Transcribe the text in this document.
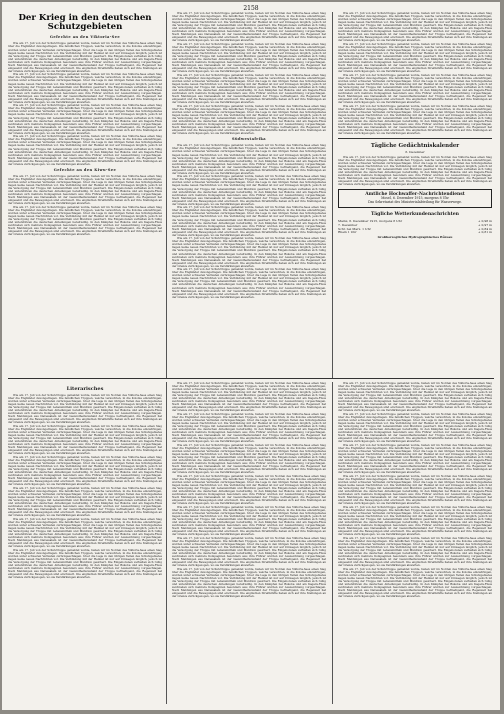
2158
Der Krieg in den deutschen Schutzgebieten
Gefechte an den Viktoria-See
Wie am 17. Juli von der Schutztruppe gemeldet wurde, haben wir im Norden des Viktoria-Sees einen Sieg über die Engländer davongetragen. Die feindlichen Truppen, welche versuchten, in die Kolonie einzudringen, wurden unter schweren Verlusten zurückgeschlagen. Über die Lage in den übrigen Teilen des Schutzgebietes liegen keine neuen Nachrichten vor. Die Verbindung mit der Heimat ist nur auf Umwegen möglich, jedoch ist die Versorgung der Truppe mit Lebensmitteln und Munition gesichert. Die Eingeborenen verhalten sich ruhig und unterstützen die deutschen Abteilungen bereitwillig. In den Kämpfen bei Bukoba und am Kagera-Fluss zeichneten sich mehrere Kompagnien besonders aus; ihre Führer wurden zur Auszeichnung vorgeschlagen. Nach Meldungen aus Daressalam ist der Gesundheitszustand der Truppe befriedigend, die Regenzeit hat eingesetzt und die Bewegungen sind erschwert. Die englischen Streitkräfte haben sich auf ihre Stellungen an der Grenze zurückgezogen, wo sie Verstärkungen abwarten.
Wie am 17. Juli von der Schutztruppe gemeldet wurde, haben wir im Norden des Viktoria-Sees einen Sieg über die Engländer davongetragen. Die feindlichen Truppen, welche versuchten, in die Kolonie einzudringen, wurden unter schweren Verlusten zurückgeschlagen. Über die Lage in den übrigen Teilen des Schutzgebietes liegen keine neuen Nachrichten vor. Die Verbindung mit der Heimat ist nur auf Umwegen möglich, jedoch ist die Versorgung der Truppe mit Lebensmitteln und Munition gesichert. Die Eingeborenen verhalten sich ruhig und unterstützen die deutschen Abteilungen bereitwillig. In den Kämpfen bei Bukoba und am Kagera-Fluss zeichneten sich mehrere Kompagnien besonders aus; ihre Führer wurden zur Auszeichnung vorgeschlagen. Nach Meldungen aus Daressalam ist der Gesundheitszustand der Truppe befriedigend, die Regenzeit hat eingesetzt und die Bewegungen sind erschwert. Die englischen Streitkräfte haben sich auf ihre Stellungen an der Grenze zurückgezogen, wo sie Verstärkungen abwarten.
Wie am 17. Juli von der Schutztruppe gemeldet wurde, haben wir im Norden des Viktoria-Sees einen Sieg über die Engländer davongetragen. Die feindlichen Truppen, welche versuchten, in die Kolonie einzudringen, wurden unter schweren Verlusten zurückgeschlagen. Über die Lage in den übrigen Teilen des Schutzgebietes liegen keine neuen Nachrichten vor. Die Verbindung mit der Heimat ist nur auf Umwegen möglich, jedoch ist die Versorgung der Truppe mit Lebensmitteln und Munition gesichert. Die Eingeborenen verhalten sich ruhig und unterstützen die deutschen Abteilungen bereitwillig. In den Kämpfen bei Bukoba und am Kagera-Fluss zeichneten sich mehrere Kompagnien besonders aus; ihre Führer wurden zur Auszeichnung vorgeschlagen. Nach Meldungen aus Daressalam ist der Gesundheitszustand der Truppe befriedigend, die Regenzeit hat eingesetzt und die Bewegungen sind erschwert. Die englischen Streitkräfte haben sich auf ihre Stellungen an der Grenze zurückgezogen, wo sie Verstärkungen abwarten.
Wie am 17. Juli von der Schutztruppe gemeldet wurde, haben wir im Norden des Viktoria-Sees einen Sieg über die Engländer davongetragen. Die feindlichen Truppen, welche versuchten, in die Kolonie einzudringen, wurden unter schweren Verlusten zurückgeschlagen. Über die Lage in den übrigen Teilen des Schutzgebietes liegen keine neuen Nachrichten vor. Die Verbindung mit der Heimat ist nur auf Umwegen möglich, jedoch ist die Versorgung der Truppe mit Lebensmitteln und Munition gesichert. Die Eingeborenen verhalten sich ruhig und unterstützen die deutschen Abteilungen bereitwillig. In den Kämpfen bei Bukoba und am Kagera-Fluss zeichneten sich mehrere Kompagnien besonders aus; ihre Führer wurden zur Auszeichnung vorgeschlagen. Nach Meldungen aus Daressalam ist der Gesundheitszustand der Truppe befriedigend, die Regenzeit hat eingesetzt und die Bewegungen sind erschwert. Die englischen Streitkräfte haben sich auf ihre Stellungen an der Grenze zurückgezogen, wo sie Verstärkungen abwarten.
Gefechte an den Kiwu-See
Wie am 17. Juli von der Schutztruppe gemeldet wurde, haben wir im Norden des Viktoria-Sees einen Sieg über die Engländer davongetragen. Die feindlichen Truppen, welche versuchten, in die Kolonie einzudringen, wurden unter schweren Verlusten zurückgeschlagen. Über die Lage in den übrigen Teilen des Schutzgebietes liegen keine neuen Nachrichten vor. Die Verbindung mit der Heimat ist nur auf Umwegen möglich, jedoch ist die Versorgung der Truppe mit Lebensmitteln und Munition gesichert. Die Eingeborenen verhalten sich ruhig und unterstützen die deutschen Abteilungen bereitwillig. In den Kämpfen bei Bukoba und am Kagera-Fluss zeichneten sich mehrere Kompagnien besonders aus; ihre Führer wurden zur Auszeichnung vorgeschlagen. Nach Meldungen aus Daressalam ist der Gesundheitszustand der Truppe befriedigend, die Regenzeit hat eingesetzt und die Bewegungen sind erschwert. Die englischen Streitkräfte haben sich auf ihre Stellungen an der Grenze zurückgezogen, wo sie Verstärkungen abwarten.
Wie am 17. Juli von der Schutztruppe gemeldet wurde, haben wir im Norden des Viktoria-Sees einen Sieg über die Engländer davongetragen. Die feindlichen Truppen, welche versuchten, in die Kolonie einzudringen, wurden unter schweren Verlusten zurückgeschlagen. Über die Lage in den übrigen Teilen des Schutzgebietes liegen keine neuen Nachrichten vor. Die Verbindung mit der Heimat ist nur auf Umwegen möglich, jedoch ist die Versorgung der Truppe mit Lebensmitteln und Munition gesichert. Die Eingeborenen verhalten sich ruhig und unterstützen die deutschen Abteilungen bereitwillig. In den Kämpfen bei Bukoba und am Kagera-Fluss zeichneten sich mehrere Kompagnien besonders aus; ihre Führer wurden zur Auszeichnung vorgeschlagen. Nach Meldungen aus Daressalam ist der Gesundheitszustand der Truppe befriedigend, die Regenzeit hat eingesetzt und die Bewegungen sind erschwert. Die englischen Streitkräfte haben sich auf ihre Stellungen an der Grenze zurückgezogen, wo sie Verstärkungen abwarten.
Wie am 17. Juli von der Schutztruppe gemeldet wurde, haben wir im Norden des Viktoria-Sees einen Sieg über die Engländer davongetragen. Die feindlichen Truppen, welche versuchten, in die Kolonie einzudringen, wurden unter schweren Verlusten zurückgeschlagen. Über die Lage in den übrigen Teilen des Schutzgebietes liegen keine neuen Nachrichten vor. Die Verbindung mit der Heimat ist nur auf Umwegen möglich, jedoch ist die Versorgung der Truppe mit Lebensmitteln und Munition gesichert. Die Eingeborenen verhalten sich ruhig und unterstützen die deutschen Abteilungen bereitwillig. In den Kämpfen bei Bukoba und am Kagera-Fluss zeichneten sich mehrere Kompagnien besonders aus; ihre Führer wurden zur Auszeichnung vorgeschlagen. Nach Meldungen aus Daressalam ist der Gesundheitszustand der Truppe befriedigend, die Regenzeit hat eingesetzt und die Bewegungen sind erschwert. Die englischen Streitkräfte haben sich auf ihre Stellungen an der Grenze zurückgezogen, wo sie Verstärkungen abwarten.
Wie am 17. Juli von der Schutztruppe gemeldet wurde, haben wir im Norden des Viktoria-Sees einen Sieg über die Engländer davongetragen. Die feindlichen Truppen, welche versuchten, in die Kolonie einzudringen, wurden unter schweren Verlusten zurückgeschlagen. Über die Lage in den übrigen Teilen des Schutzgebietes liegen keine neuen Nachrichten vor. Die Verbindung mit der Heimat ist nur auf Umwegen möglich, jedoch ist die Versorgung der Truppe mit Lebensmitteln und Munition gesichert. Die Eingeborenen verhalten sich ruhig und unterstützen die deutschen Abteilungen bereitwillig. In den Kämpfen bei Bukoba und am Kagera-Fluss zeichneten sich mehrere Kompagnien besonders aus; ihre Führer wurden zur Auszeichnung vorgeschlagen. Nach Meldungen aus Daressalam ist der Gesundheitszustand der Truppe befriedigend, die Regenzeit hat eingesetzt und die Bewegungen sind erschwert. Die englischen Streitkräfte haben sich auf ihre Stellungen an der Grenze zurückgezogen, wo sie Verstärkungen abwarten.
Wie am 17. Juli von der Schutztruppe gemeldet wurde, haben wir im Norden des Viktoria-Sees einen Sieg über die Engländer davongetragen. Die feindlichen Truppen, welche versuchten, in die Kolonie einzudringen, wurden unter schweren Verlusten zurückgeschlagen. Über die Lage in den übrigen Teilen des Schutzgebietes liegen keine neuen Nachrichten vor. Die Verbindung mit der Heimat ist nur auf Umwegen möglich, jedoch ist die Versorgung der Truppe mit Lebensmitteln und Munition gesichert. Die Eingeborenen verhalten sich ruhig und unterstützen die deutschen Abteilungen bereitwillig. In den Kämpfen bei Bukoba und am Kagera-Fluss zeichneten sich mehrere Kompagnien besonders aus; ihre Führer wurden zur Auszeichnung vorgeschlagen. Nach Meldungen aus Daressalam ist der Gesundheitszustand der Truppe befriedigend, die Regenzeit hat eingesetzt und die Bewegungen sind erschwert. Die englischen Streitkräfte haben sich auf ihre Stellungen an der Grenze zurückgezogen, wo sie Verstärkungen abwarten.
Wie am 17. Juli von der Schutztruppe gemeldet wurde, haben wir im Norden des Viktoria-Sees einen Sieg über die Engländer davongetragen. Die feindlichen Truppen, welche versuchten, in die Kolonie einzudringen, wurden unter schweren Verlusten zurückgeschlagen. Über die Lage in den übrigen Teilen des Schutzgebietes liegen keine neuen Nachrichten vor. Die Verbindung mit der Heimat ist nur auf Umwegen möglich, jedoch ist die Versorgung der Truppe mit Lebensmitteln und Munition gesichert. Die Eingeborenen verhalten sich ruhig und unterstützen die deutschen Abteilungen bereitwillig. In den Kämpfen bei Bukoba und am Kagera-Fluss zeichneten sich mehrere Kompagnien besonders aus; ihre Führer wurden zur Auszeichnung vorgeschlagen. Nach Meldungen aus Daressalam ist der Gesundheitszustand der Truppe befriedigend, die Regenzeit hat eingesetzt und die Bewegungen sind erschwert. Die englischen Streitkräfte haben sich auf ihre Stellungen an der Grenze zurückgezogen, wo sie Verstärkungen abwarten.
Südwestafrika
Wie am 17. Juli von der Schutztruppe gemeldet wurde, haben wir im Norden des Viktoria-Sees einen Sieg über die Engländer davongetragen. Die feindlichen Truppen, welche versuchten, in die Kolonie einzudringen, wurden unter schweren Verlusten zurückgeschlagen. Über die Lage in den übrigen Teilen des Schutzgebietes liegen keine neuen Nachrichten vor. Die Verbindung mit der Heimat ist nur auf Umwegen möglich, jedoch ist die Versorgung der Truppe mit Lebensmitteln und Munition gesichert. Die Eingeborenen verhalten sich ruhig und unterstützen die deutschen Abteilungen bereitwillig. In den Kämpfen bei Bukoba und am Kagera-Fluss zeichneten sich mehrere Kompagnien besonders aus; ihre Führer wurden zur Auszeichnung vorgeschlagen. Nach Meldungen aus Daressalam ist der Gesundheitszustand der Truppe befriedigend, die Regenzeit hat eingesetzt und die Bewegungen sind erschwert. Die englischen Streitkräfte haben sich auf ihre Stellungen an der Grenze zurückgezogen, wo sie Verstärkungen abwarten.
Wie am 17. Juli von der Schutztruppe gemeldet wurde, haben wir im Norden des Viktoria-Sees einen Sieg über die Engländer davongetragen. Die feindlichen Truppen, welche versuchten, in die Kolonie einzudringen, wurden unter schweren Verlusten zurückgeschlagen. Über die Lage in den übrigen Teilen des Schutzgebietes liegen keine neuen Nachrichten vor. Die Verbindung mit der Heimat ist nur auf Umwegen möglich, jedoch ist die Versorgung der Truppe mit Lebensmitteln und Munition gesichert. Die Eingeborenen verhalten sich ruhig und unterstützen die deutschen Abteilungen bereitwillig. In den Kämpfen bei Bukoba und am Kagera-Fluss zeichneten sich mehrere Kompagnien besonders aus; ihre Führer wurden zur Auszeichnung vorgeschlagen. Nach Meldungen aus Daressalam ist der Gesundheitszustand der Truppe befriedigend, die Regenzeit hat eingesetzt und die Bewegungen sind erschwert. Die englischen Streitkräfte haben sich auf ihre Stellungen an der Grenze zurückgezogen, wo sie Verstärkungen abwarten.
Wie am 17. Juli von der Schutztruppe gemeldet wurde, haben wir im Norden des Viktoria-Sees einen Sieg über die Engländer davongetragen. Die feindlichen Truppen, welche versuchten, in die Kolonie einzudringen, wurden unter schweren Verlusten zurückgeschlagen. Über die Lage in den übrigen Teilen des Schutzgebietes liegen keine neuen Nachrichten vor. Die Verbindung mit der Heimat ist nur auf Umwegen möglich, jedoch ist die Versorgung der Truppe mit Lebensmitteln und Munition gesichert. Die Eingeborenen verhalten sich ruhig und unterstützen die deutschen Abteilungen bereitwillig. In den Kämpfen bei Bukoba und am Kagera-Fluss zeichneten sich mehrere Kompagnien besonders aus; ihre Führer wurden zur Auszeichnung vorgeschlagen. Nach Meldungen aus Daressalam ist der Gesundheitszustand der Truppe befriedigend, die Regenzeit hat eingesetzt und die Bewegungen sind erschwert. Die englischen Streitkräfte haben sich auf ihre Stellungen an der Grenze zurückgezogen, wo sie Verstärkungen abwarten.
Wie am 17. Juli von der Schutztruppe gemeldet wurde, haben wir im Norden des Viktoria-Sees einen Sieg über die Engländer davongetragen. Die feindlichen Truppen, welche versuchten, in die Kolonie einzudringen, wurden unter schweren Verlusten zurückgeschlagen. Über die Lage in den übrigen Teilen des Schutzgebietes liegen keine neuen Nachrichten vor. Die Verbindung mit der Heimat ist nur auf Umwegen möglich, jedoch ist die Versorgung der Truppe mit Lebensmitteln und Munition gesichert. Die Eingeborenen verhalten sich ruhig und unterstützen die deutschen Abteilungen bereitwillig. In den Kämpfen bei Bukoba und am Kagera-Fluss zeichneten sich mehrere Kompagnien besonders aus; ihre Führer wurden zur Auszeichnung vorgeschlagen. Nach Meldungen aus Daressalam ist der Gesundheitszustand der Truppe befriedigend, die Regenzeit hat eingesetzt und die Bewegungen sind erschwert. Die englischen Streitkräfte haben sich auf ihre Stellungen an der Grenze zurückgezogen, wo sie Verstärkungen abwarten.
Wie am 17. Juli von der Schutztruppe gemeldet wurde, haben wir im Norden des Viktoria-Sees einen Sieg über die Engländer davongetragen. Die feindlichen Truppen, welche versuchten, in die Kolonie einzudringen, wurden unter schweren Verlusten zurückgeschlagen. Über die Lage in den übrigen Teilen des Schutzgebietes liegen keine neuen Nachrichten vor. Die Verbindung mit der Heimat ist nur auf Umwegen möglich, jedoch ist die Versorgung der Truppe mit Lebensmitteln und Munition gesichert. Die Eingeborenen verhalten sich ruhig und unterstützen die deutschen Abteilungen bereitwillig. In den Kämpfen bei Bukoba und am Kagera-Fluss zeichneten sich mehrere Kompagnien besonders aus; ihre Führer wurden zur Auszeichnung vorgeschlagen. Nach Meldungen aus Daressalam ist der Gesundheitszustand der Truppe befriedigend, die Regenzeit hat eingesetzt und die Bewegungen sind erschwert. Die englischen Streitkräfte haben sich auf ihre Stellungen an der Grenze zurückgezogen, wo sie Verstärkungen abwarten.
Wie am 17. Juli von der Schutztruppe gemeldet wurde, haben wir im Norden des Viktoria-Sees einen Sieg über die Engländer davongetragen. Die feindlichen Truppen, welche versuchten, in die Kolonie einzudringen, wurden unter schweren Verlusten zurückgeschlagen. Über die Lage in den übrigen Teilen des Schutzgebietes liegen keine neuen Nachrichten vor. Die Verbindung mit der Heimat ist nur auf Umwegen möglich, jedoch ist die Versorgung der Truppe mit Lebensmitteln und Munition gesichert. Die Eingeborenen verhalten sich ruhig und unterstützen die deutschen Abteilungen bereitwillig. In den Kämpfen bei Bukoba und am Kagera-Fluss zeichneten sich mehrere Kompagnien besonders aus; ihre Führer wurden zur Auszeichnung vorgeschlagen. Nach Meldungen aus Daressalam ist der Gesundheitszustand der Truppe befriedigend, die Regenzeit hat eingesetzt und die Bewegungen sind erschwert. Die englischen Streitkräfte haben sich auf ihre Stellungen an der Grenze zurückgezogen, wo sie Verstärkungen abwarten.
Wie am 17. Juli von der Schutztruppe gemeldet wurde, haben wir im Norden des Viktoria-Sees einen Sieg über die Engländer davongetragen. Die feindlichen Truppen, welche versuchten, in die Kolonie einzudringen, wurden unter schweren Verlusten zurückgeschlagen. Über die Lage in den übrigen Teilen des Schutzgebietes liegen keine neuen Nachrichten vor. Die Verbindung mit der Heimat ist nur auf Umwegen möglich, jedoch ist die Versorgung der Truppe mit Lebensmitteln und Munition gesichert. Die Eingeborenen verhalten sich ruhig und unterstützen die deutschen Abteilungen bereitwillig. In den Kämpfen bei Bukoba und am Kagera-Fluss zeichneten sich mehrere Kompagnien besonders aus; ihre Führer wurden zur Auszeichnung vorgeschlagen. Nach Meldungen aus Daressalam ist der Gesundheitszustand der Truppe befriedigend, die Regenzeit hat eingesetzt und die Bewegungen sind erschwert. Die englischen Streitkräfte haben sich auf ihre Stellungen an der Grenze zurückgezogen, wo sie Verstärkungen abwarten.
Wie am 17. Juli von der Schutztruppe gemeldet wurde, haben wir im Norden des Viktoria-Sees einen Sieg über die Engländer davongetragen. Die feindlichen Truppen, welche versuchten, in die Kolonie einzudringen, wurden unter schweren Verlusten zurückgeschlagen. Über die Lage in den übrigen Teilen des Schutzgebietes liegen keine neuen Nachrichten vor. Die Verbindung mit der Heimat ist nur auf Umwegen möglich, jedoch ist die Versorgung der Truppe mit Lebensmitteln und Munition gesichert. Die Eingeborenen verhalten sich ruhig und unterstützen die deutschen Abteilungen bereitwillig. In den Kämpfen bei Bukoba und am Kagera-Fluss zeichneten sich mehrere Kompagnien besonders aus; ihre Führer wurden zur Auszeichnung vorgeschlagen. Nach Meldungen aus Daressalam ist der Gesundheitszustand der Truppe befriedigend, die Regenzeit hat eingesetzt und die Bewegungen sind erschwert. Die englischen Streitkräfte haben sich auf ihre Stellungen an der Grenze zurückgezogen, wo sie Verstärkungen abwarten.
Wie am 17. Juli von der Schutztruppe gemeldet wurde, haben wir im Norden des Viktoria-Sees einen Sieg über die Engländer davongetragen. Die feindlichen Truppen, welche versuchten, in die Kolonie einzudringen, wurden unter schweren Verlusten zurückgeschlagen. Über die Lage in den übrigen Teilen des Schutzgebietes liegen keine neuen Nachrichten vor. Die Verbindung mit der Heimat ist nur auf Umwegen möglich, jedoch ist die Versorgung der Truppe mit Lebensmitteln und Munition gesichert. Die Eingeborenen verhalten sich ruhig und unterstützen die deutschen Abteilungen bereitwillig. In den Kämpfen bei Bukoba und am Kagera-Fluss zeichneten sich mehrere Kompagnien besonders aus; ihre Führer wurden zur Auszeichnung vorgeschlagen. Nach Meldungen aus Daressalam ist der Gesundheitszustand der Truppe befriedigend, die Regenzeit hat eingesetzt und die Bewegungen sind erschwert. Die englischen Streitkräfte haben sich auf ihre Stellungen an der Grenze zurückgezogen, wo sie Verstärkungen abwarten.
Tägliche Gedächtniskalender
6. Dezember
Wie am 17. Juli von der Schutztruppe gemeldet wurde, haben wir im Norden des Viktoria-Sees einen Sieg über die Engländer davongetragen. Die feindlichen Truppen, welche versuchten, in die Kolonie einzudringen, wurden unter schweren Verlusten zurückgeschlagen. Über die Lage in den übrigen Teilen des Schutzgebietes liegen keine neuen Nachrichten vor. Die Verbindung mit der Heimat ist nur auf Umwegen möglich, jedoch ist die Versorgung der Truppe mit Lebensmitteln und Munition gesichert. Die Eingeborenen verhalten sich ruhig und unterstützen die deutschen Abteilungen bereitwillig. In den Kämpfen bei Bukoba und am Kagera-Fluss zeichneten sich mehrere Kompagnien besonders aus; ihre Führer wurden zur Auszeichnung vorgeschlagen. Nach Meldungen aus Daressalam ist der Gesundheitszustand der Truppe befriedigend, die Regenzeit hat eingesetzt und die Bewegungen sind erschwert. Die englischen Streitkräfte haben sich auf ihre Stellungen an der Grenze zurückgezogen, wo sie Verstärkungen abwarten.
Amtliche Hochwaffer-Nachrichtendienst
Mosel, 6. Dezember 1915, morgens 8 Uhr
Das Sekretariat des Ministerialabteilung für Wasserwege.
Tägliche Wetterkundenachrichten
Mainz, 6. Dezember 1915, morgens 8 Uhr	+ 0,98 m
7. Dezember	+ 0,97 m
Schr. bei Marx. 1 Uhr	+ 0,84 m
Rhein 1 Uhr	+ 0,81 m
Großherzogliches Hydrographisches Büreau
Literarisches
Wie am 17. Juli von der Schutztruppe gemeldet wurde, haben wir im Norden des Viktoria-Sees einen Sieg über die Engländer davongetragen. Die feindlichen Truppen, welche versuchten, in die Kolonie einzudringen, wurden unter schweren Verlusten zurückgeschlagen. Über die Lage in den übrigen Teilen des Schutzgebietes liegen keine neuen Nachrichten vor. Die Verbindung mit der Heimat ist nur auf Umwegen möglich, jedoch ist die Versorgung der Truppe mit Lebensmitteln und Munition gesichert. Die Eingeborenen verhalten sich ruhig und unterstützen die deutschen Abteilungen bereitwillig. In den Kämpfen bei Bukoba und am Kagera-Fluss zeichneten sich mehrere Kompagnien besonders aus; ihre Führer wurden zur Auszeichnung vorgeschlagen. Nach Meldungen aus Daressalam ist der Gesundheitszustand der Truppe befriedigend, die Regenzeit hat eingesetzt und die Bewegungen sind erschwert. Die englischen Streitkräfte haben sich auf ihre Stellungen an der Grenze zurückgezogen, wo sie Verstärkungen abwarten.
Wie am 17. Juli von der Schutztruppe gemeldet wurde, haben wir im Norden des Viktoria-Sees einen Sieg über die Engländer davongetragen. Die feindlichen Truppen, welche versuchten, in die Kolonie einzudringen, wurden unter schweren Verlusten zurückgeschlagen. Über die Lage in den übrigen Teilen des Schutzgebietes liegen keine neuen Nachrichten vor. Die Verbindung mit der Heimat ist nur auf Umwegen möglich, jedoch ist die Versorgung der Truppe mit Lebensmitteln und Munition gesichert. Die Eingeborenen verhalten sich ruhig und unterstützen die deutschen Abteilungen bereitwillig. In den Kämpfen bei Bukoba und am Kagera-Fluss zeichneten sich mehrere Kompagnien besonders aus; ihre Führer wurden zur Auszeichnung vorgeschlagen. Nach Meldungen aus Daressalam ist der Gesundheitszustand der Truppe befriedigend, die Regenzeit hat eingesetzt und die Bewegungen sind erschwert. Die englischen Streitkräfte haben sich auf ihre Stellungen an der Grenze zurückgezogen, wo sie Verstärkungen abwarten.
Wie am 17. Juli von der Schutztruppe gemeldet wurde, haben wir im Norden des Viktoria-Sees einen Sieg über die Engländer davongetragen. Die feindlichen Truppen, welche versuchten, in die Kolonie einzudringen, wurden unter schweren Verlusten zurückgeschlagen. Über die Lage in den übrigen Teilen des Schutzgebietes liegen keine neuen Nachrichten vor. Die Verbindung mit der Heimat ist nur auf Umwegen möglich, jedoch ist die Versorgung der Truppe mit Lebensmitteln und Munition gesichert. Die Eingeborenen verhalten sich ruhig und unterstützen die deutschen Abteilungen bereitwillig. In den Kämpfen bei Bukoba und am Kagera-Fluss zeichneten sich mehrere Kompagnien besonders aus; ihre Führer wurden zur Auszeichnung vorgeschlagen. Nach Meldungen aus Daressalam ist der Gesundheitszustand der Truppe befriedigend, die Regenzeit hat eingesetzt und die Bewegungen sind erschwert. Die englischen Streitkräfte haben sich auf ihre Stellungen an der Grenze zurückgezogen, wo sie Verstärkungen abwarten.
Wie am 17. Juli von der Schutztruppe gemeldet wurde, haben wir im Norden des Viktoria-Sees einen Sieg über die Engländer davongetragen. Die feindlichen Truppen, welche versuchten, in die Kolonie einzudringen, wurden unter schweren Verlusten zurückgeschlagen. Über die Lage in den übrigen Teilen des Schutzgebietes liegen keine neuen Nachrichten vor. Die Verbindung mit der Heimat ist nur auf Umwegen möglich, jedoch ist die Versorgung der Truppe mit Lebensmitteln und Munition gesichert. Die Eingeborenen verhalten sich ruhig und unterstützen die deutschen Abteilungen bereitwillig. In den Kämpfen bei Bukoba und am Kagera-Fluss zeichneten sich mehrere Kompagnien besonders aus; ihre Führer wurden zur Auszeichnung vorgeschlagen. Nach Meldungen aus Daressalam ist der Gesundheitszustand der Truppe befriedigend, die Regenzeit hat eingesetzt und die Bewegungen sind erschwert. Die englischen Streitkräfte haben sich auf ihre Stellungen an der Grenze zurückgezogen, wo sie Verstärkungen abwarten.
Wie am 17. Juli von der Schutztruppe gemeldet wurde, haben wir im Norden des Viktoria-Sees einen Sieg über die Engländer davongetragen. Die feindlichen Truppen, welche versuchten, in die Kolonie einzudringen, wurden unter schweren Verlusten zurückgeschlagen. Über die Lage in den übrigen Teilen des Schutzgebietes liegen keine neuen Nachrichten vor. Die Verbindung mit der Heimat ist nur auf Umwegen möglich, jedoch ist die Versorgung der Truppe mit Lebensmitteln und Munition gesichert. Die Eingeborenen verhalten sich ruhig und unterstützen die deutschen Abteilungen bereitwillig. In den Kämpfen bei Bukoba und am Kagera-Fluss zeichneten sich mehrere Kompagnien besonders aus; ihre Führer wurden zur Auszeichnung vorgeschlagen. Nach Meldungen aus Daressalam ist der Gesundheitszustand der Truppe befriedigend, die Regenzeit hat eingesetzt und die Bewegungen sind erschwert. Die englischen Streitkräfte haben sich auf ihre Stellungen an der Grenze zurückgezogen, wo sie Verstärkungen abwarten.
Wie am 17. Juli von der Schutztruppe gemeldet wurde, haben wir im Norden des Viktoria-Sees einen Sieg über die Engländer davongetragen. Die feindlichen Truppen, welche versuchten, in die Kolonie einzudringen, wurden unter schweren Verlusten zurückgeschlagen. Über die Lage in den übrigen Teilen des Schutzgebietes liegen keine neuen Nachrichten vor. Die Verbindung mit der Heimat ist nur auf Umwegen möglich, jedoch ist die Versorgung der Truppe mit Lebensmitteln und Munition gesichert. Die Eingeborenen verhalten sich ruhig und unterstützen die deutschen Abteilungen bereitwillig. In den Kämpfen bei Bukoba und am Kagera-Fluss zeichneten sich mehrere Kompagnien besonders aus; ihre Führer wurden zur Auszeichnung vorgeschlagen. Nach Meldungen aus Daressalam ist der Gesundheitszustand der Truppe befriedigend, die Regenzeit hat eingesetzt und die Bewegungen sind erschwert. Die englischen Streitkräfte haben sich auf ihre Stellungen an der Grenze zurückgezogen, wo sie Verstärkungen abwarten.
Wie am 17. Juli von der Schutztruppe gemeldet wurde, haben wir im Norden des Viktoria-Sees einen Sieg über die Engländer davongetragen. Die feindlichen Truppen, welche versuchten, in die Kolonie einzudringen, wurden unter schweren Verlusten zurückgeschlagen. Über die Lage in den übrigen Teilen des Schutzgebietes liegen keine neuen Nachrichten vor. Die Verbindung mit der Heimat ist nur auf Umwegen möglich, jedoch ist die Versorgung der Truppe mit Lebensmitteln und Munition gesichert. Die Eingeborenen verhalten sich ruhig und unterstützen die deutschen Abteilungen bereitwillig. In den Kämpfen bei Bukoba und am Kagera-Fluss zeichneten sich mehrere Kompagnien besonders aus; ihre Führer wurden zur Auszeichnung vorgeschlagen. Nach Meldungen aus Daressalam ist der Gesundheitszustand der Truppe befriedigend, die Regenzeit hat eingesetzt und die Bewegungen sind erschwert. Die englischen Streitkräfte haben sich auf ihre Stellungen an der Grenze zurückgezogen, wo sie Verstärkungen abwarten.
Wie am 17. Juli von der Schutztruppe gemeldet wurde, haben wir im Norden des Viktoria-Sees einen Sieg über die Engländer davongetragen. Die feindlichen Truppen, welche versuchten, in die Kolonie einzudringen, wurden unter schweren Verlusten zurückgeschlagen. Über die Lage in den übrigen Teilen des Schutzgebietes liegen keine neuen Nachrichten vor. Die Verbindung mit der Heimat ist nur auf Umwegen möglich, jedoch ist die Versorgung der Truppe mit Lebensmitteln und Munition gesichert. Die Eingeborenen verhalten sich ruhig und unterstützen die deutschen Abteilungen bereitwillig. In den Kämpfen bei Bukoba und am Kagera-Fluss zeichneten sich mehrere Kompagnien besonders aus; ihre Führer wurden zur Auszeichnung vorgeschlagen. Nach Meldungen aus Daressalam ist der Gesundheitszustand der Truppe befriedigend, die Regenzeit hat eingesetzt und die Bewegungen sind erschwert. Die englischen Streitkräfte haben sich auf ihre Stellungen an der Grenze zurückgezogen, wo sie Verstärkungen abwarten.
Wie am 17. Juli von der Schutztruppe gemeldet wurde, haben wir im Norden des Viktoria-Sees einen Sieg über die Engländer davongetragen. Die feindlichen Truppen, welche versuchten, in die Kolonie einzudringen, wurden unter schweren Verlusten zurückgeschlagen. Über die Lage in den übrigen Teilen des Schutzgebietes liegen keine neuen Nachrichten vor. Die Verbindung mit der Heimat ist nur auf Umwegen möglich, jedoch ist die Versorgung der Truppe mit Lebensmitteln und Munition gesichert. Die Eingeborenen verhalten sich ruhig und unterstützen die deutschen Abteilungen bereitwillig. In den Kämpfen bei Bukoba und am Kagera-Fluss zeichneten sich mehrere Kompagnien besonders aus; ihre Führer wurden zur Auszeichnung vorgeschlagen. Nach Meldungen aus Daressalam ist der Gesundheitszustand der Truppe befriedigend, die Regenzeit hat eingesetzt und die Bewegungen sind erschwert. Die englischen Streitkräfte haben sich auf ihre Stellungen an der Grenze zurückgezogen, wo sie Verstärkungen abwarten.
Wie am 17. Juli von der Schutztruppe gemeldet wurde, haben wir im Norden des Viktoria-Sees einen Sieg über die Engländer davongetragen. Die feindlichen Truppen, welche versuchten, in die Kolonie einzudringen, wurden unter schweren Verlusten zurückgeschlagen. Über die Lage in den übrigen Teilen des Schutzgebietes liegen keine neuen Nachrichten vor. Die Verbindung mit der Heimat ist nur auf Umwegen möglich, jedoch ist die Versorgung der Truppe mit Lebensmitteln und Munition gesichert. Die Eingeborenen verhalten sich ruhig und unterstützen die deutschen Abteilungen bereitwillig. In den Kämpfen bei Bukoba und am Kagera-Fluss zeichneten sich mehrere Kompagnien besonders aus; ihre Führer wurden zur Auszeichnung vorgeschlagen. Nach Meldungen aus Daressalam ist der Gesundheitszustand der Truppe befriedigend, die Regenzeit hat eingesetzt und die Bewegungen sind erschwert. Die englischen Streitkräfte haben sich auf ihre Stellungen an der Grenze zurückgezogen, wo sie Verstärkungen abwarten.
Wie am 17. Juli von der Schutztruppe gemeldet wurde, haben wir im Norden des Viktoria-Sees einen Sieg über die Engländer davongetragen. Die feindlichen Truppen, welche versuchten, in die Kolonie einzudringen, wurden unter schweren Verlusten zurückgeschlagen. Über die Lage in den übrigen Teilen des Schutzgebietes liegen keine neuen Nachrichten vor. Die Verbindung mit der Heimat ist nur auf Umwegen möglich, jedoch ist die Versorgung der Truppe mit Lebensmitteln und Munition gesichert. Die Eingeborenen verhalten sich ruhig und unterstützen die deutschen Abteilungen bereitwillig. In den Kämpfen bei Bukoba und am Kagera-Fluss zeichneten sich mehrere Kompagnien besonders aus; ihre Führer wurden zur Auszeichnung vorgeschlagen. Nach Meldungen aus Daressalam ist der Gesundheitszustand der Truppe befriedigend, die Regenzeit hat eingesetzt und die Bewegungen sind erschwert. Die englischen Streitkräfte haben sich auf ihre Stellungen an der Grenze zurückgezogen, wo sie Verstärkungen abwarten.
Wie am 17. Juli von der Schutztruppe gemeldet wurde, haben wir im Norden des Viktoria-Sees einen Sieg über die Engländer davongetragen. Die feindlichen Truppen, welche versuchten, in die Kolonie einzudringen, wurden unter schweren Verlusten zurückgeschlagen. Über die Lage in den übrigen Teilen des Schutzgebietes liegen keine neuen Nachrichten vor. Die Verbindung mit der Heimat ist nur auf Umwegen möglich, jedoch ist die Versorgung der Truppe mit Lebensmitteln und Munition gesichert. Die Eingeborenen verhalten sich ruhig und unterstützen die deutschen Abteilungen bereitwillig. In den Kämpfen bei Bukoba und am Kagera-Fluss zeichneten sich mehrere Kompagnien besonders aus; ihre Führer wurden zur Auszeichnung vorgeschlagen. Nach Meldungen aus Daressalam ist der Gesundheitszustand der Truppe befriedigend, die Regenzeit hat eingesetzt und die Bewegungen sind erschwert. Die englischen Streitkräfte haben sich auf ihre Stellungen an der Grenze zurückgezogen, wo sie Verstärkungen abwarten.
Wie am 17. Juli von der Schutztruppe gemeldet wurde, haben wir im Norden des Viktoria-Sees einen Sieg über die Engländer davongetragen. Die feindlichen Truppen, welche versuchten, in die Kolonie einzudringen, wurden unter schweren Verlusten zurückgeschlagen. Über die Lage in den übrigen Teilen des Schutzgebietes liegen keine neuen Nachrichten vor. Die Verbindung mit der Heimat ist nur auf Umwegen möglich, jedoch ist die Versorgung der Truppe mit Lebensmitteln und Munition gesichert. Die Eingeborenen verhalten sich ruhig und unterstützen die deutschen Abteilungen bereitwillig. In den Kämpfen bei Bukoba und am Kagera-Fluss zeichneten sich mehrere Kompagnien besonders aus; ihre Führer wurden zur Auszeichnung vorgeschlagen. Nach Meldungen aus Daressalam ist der Gesundheitszustand der Truppe befriedigend, die Regenzeit hat eingesetzt und die Bewegungen sind erschwert. Die englischen Streitkräfte haben sich auf ihre Stellungen an der Grenze zurückgezogen, wo sie Verstärkungen abwarten.
Wie am 17. Juli von der Schutztruppe gemeldet wurde, haben wir im Norden des Viktoria-Sees einen Sieg über die Engländer davongetragen. Die feindlichen Truppen, welche versuchten, in die Kolonie einzudringen, wurden unter schweren Verlusten zurückgeschlagen. Über die Lage in den übrigen Teilen des Schutzgebietes liegen keine neuen Nachrichten vor. Die Verbindung mit der Heimat ist nur auf Umwegen möglich, jedoch ist die Versorgung der Truppe mit Lebensmitteln und Munition gesichert. Die Eingeborenen verhalten sich ruhig und unterstützen die deutschen Abteilungen bereitwillig. In den Kämpfen bei Bukoba und am Kagera-Fluss zeichneten sich mehrere Kompagnien besonders aus; ihre Führer wurden zur Auszeichnung vorgeschlagen. Nach Meldungen aus Daressalam ist der Gesundheitszustand der Truppe befriedigend, die Regenzeit hat eingesetzt und die Bewegungen sind erschwert. Die englischen Streitkräfte haben sich auf ihre Stellungen an der Grenze zurückgezogen, wo sie Verstärkungen abwarten.
Wie am 17. Juli von der Schutztruppe gemeldet wurde, haben wir im Norden des Viktoria-Sees einen Sieg über die Engländer davongetragen. Die feindlichen Truppen, welche versuchten, in die Kolonie einzudringen, wurden unter schweren Verlusten zurückgeschlagen. Über die Lage in den übrigen Teilen des Schutzgebietes liegen keine neuen Nachrichten vor. Die Verbindung mit der Heimat ist nur auf Umwegen möglich, jedoch ist die Versorgung der Truppe mit Lebensmitteln und Munition gesichert. Die Eingeborenen verhalten sich ruhig und unterstützen die deutschen Abteilungen bereitwillig. In den Kämpfen bei Bukoba und am Kagera-Fluss zeichneten sich mehrere Kompagnien besonders aus; ihre Führer wurden zur Auszeichnung vorgeschlagen. Nach Meldungen aus Daressalam ist der Gesundheitszustand der Truppe befriedigend, die Regenzeit hat eingesetzt und die Bewegungen sind erschwert. Die englischen Streitkräfte haben sich auf ihre Stellungen an der Grenze zurückgezogen, wo sie Verstärkungen abwarten.
Wie am 17. Juli von der Schutztruppe gemeldet wurde, haben wir im Norden des Viktoria-Sees einen Sieg über die Engländer davongetragen. Die feindlichen Truppen, welche versuchten, in die Kolonie einzudringen, wurden unter schweren Verlusten zurückgeschlagen. Über die Lage in den übrigen Teilen des Schutzgebietes liegen keine neuen Nachrichten vor. Die Verbindung mit der Heimat ist nur auf Umwegen möglich, jedoch ist die Versorgung der Truppe mit Lebensmitteln und Munition gesichert. Die Eingeborenen verhalten sich ruhig und unterstützen die deutschen Abteilungen bereitwillig. In den Kämpfen bei Bukoba und am Kagera-Fluss zeichneten sich mehrere Kompagnien besonders aus; ihre Führer wurden zur Auszeichnung vorgeschlagen. Nach Meldungen aus Daressalam ist der Gesundheitszustand der Truppe befriedigend, die Regenzeit hat eingesetzt und die Bewegungen sind erschwert. Die englischen Streitkräfte haben sich auf ihre Stellungen an der Grenze zurückgezogen, wo sie Verstärkungen abwarten.
Wie am 17. Juli von der Schutztruppe gemeldet wurde, haben wir im Norden des Viktoria-Sees einen Sieg über die Engländer davongetragen. Die feindlichen Truppen, welche versuchten, in die Kolonie einzudringen, wurden unter schweren Verlusten zurückgeschlagen. Über die Lage in den übrigen Teilen des Schutzgebietes liegen keine neuen Nachrichten vor. Die Verbindung mit der Heimat ist nur auf Umwegen möglich, jedoch ist die Versorgung der Truppe mit Lebensmitteln und Munition gesichert. Die Eingeborenen verhalten sich ruhig und unterstützen die deutschen Abteilungen bereitwillig. In den Kämpfen bei Bukoba und am Kagera-Fluss zeichneten sich mehrere Kompagnien besonders aus; ihre Führer wurden zur Auszeichnung vorgeschlagen. Nach Meldungen aus Daressalam ist der Gesundheitszustand der Truppe befriedigend, die Regenzeit hat eingesetzt und die Bewegungen sind erschwert. Die englischen Streitkräfte haben sich auf ihre Stellungen an der Grenze zurückgezogen, wo sie Verstärkungen abwarten.
Wie am 17. Juli von der Schutztruppe gemeldet wurde, haben wir im Norden des Viktoria-Sees einen Sieg über die Engländer davongetragen. Die feindlichen Truppen, welche versuchten, in die Kolonie einzudringen, wurden unter schweren Verlusten zurückgeschlagen. Über die Lage in den übrigen Teilen des Schutzgebietes liegen keine neuen Nachrichten vor. Die Verbindung mit der Heimat ist nur auf Umwegen möglich, jedoch ist die Versorgung der Truppe mit Lebensmitteln und Munition gesichert. Die Eingeborenen verhalten sich ruhig und unterstützen die deutschen Abteilungen bereitwillig. In den Kämpfen bei Bukoba und am Kagera-Fluss zeichneten sich mehrere Kompagnien besonders aus; ihre Führer wurden zur Auszeichnung vorgeschlagen. Nach Meldungen aus Daressalam ist der Gesundheitszustand der Truppe befriedigend, die Regenzeit hat eingesetzt und die Bewegungen sind erschwert. Die englischen Streitkräfte haben sich auf ihre Stellungen an der Grenze zurückgezogen, wo sie Verstärkungen abwarten.
Wie am 17. Juli von der Schutztruppe gemeldet wurde, haben wir im Norden des Viktoria-Sees einen Sieg über die Engländer davongetragen. Die feindlichen Truppen, welche versuchten, in die Kolonie einzudringen, wurden unter schweren Verlusten zurückgeschlagen. Über die Lage in den übrigen Teilen des Schutzgebietes liegen keine neuen Nachrichten vor. Die Verbindung mit der Heimat ist nur auf Umwegen möglich, jedoch ist die Versorgung der Truppe mit Lebensmitteln und Munition gesichert. Die Eingeborenen verhalten sich ruhig und unterstützen die deutschen Abteilungen bereitwillig. In den Kämpfen bei Bukoba und am Kagera-Fluss zeichneten sich mehrere Kompagnien besonders aus; ihre Führer wurden zur Auszeichnung vorgeschlagen. Nach Meldungen aus Daressalam ist der Gesundheitszustand der Truppe befriedigend, die Regenzeit hat eingesetzt und die Bewegungen sind erschwert. Die englischen Streitkräfte haben sich auf ihre Stellungen an der Grenze zurückgezogen, wo sie Verstärkungen abwarten.
Wie am 17. Juli von der Schutztruppe gemeldet wurde, haben wir im Norden des Viktoria-Sees einen Sieg über die Engländer davongetragen. Die feindlichen Truppen, welche versuchten, in die Kolonie einzudringen, wurden unter schweren Verlusten zurückgeschlagen. Über die Lage in den übrigen Teilen des Schutzgebietes liegen keine neuen Nachrichten vor. Die Verbindung mit der Heimat ist nur auf Umwegen möglich, jedoch ist die Versorgung der Truppe mit Lebensmitteln und Munition gesichert. Die Eingeborenen verhalten sich ruhig und unterstützen die deutschen Abteilungen bereitwillig. In den Kämpfen bei Bukoba und am Kagera-Fluss zeichneten sich mehrere Kompagnien besonders aus; ihre Führer wurden zur Auszeichnung vorgeschlagen. Nach Meldungen aus Daressalam ist der Gesundheitszustand der Truppe befriedigend, die Regenzeit hat eingesetzt und die Bewegungen sind erschwert. Die englischen Streitkräfte haben sich auf ihre Stellungen an der Grenze zurückgezogen, wo sie Verstärkungen abwarten.
